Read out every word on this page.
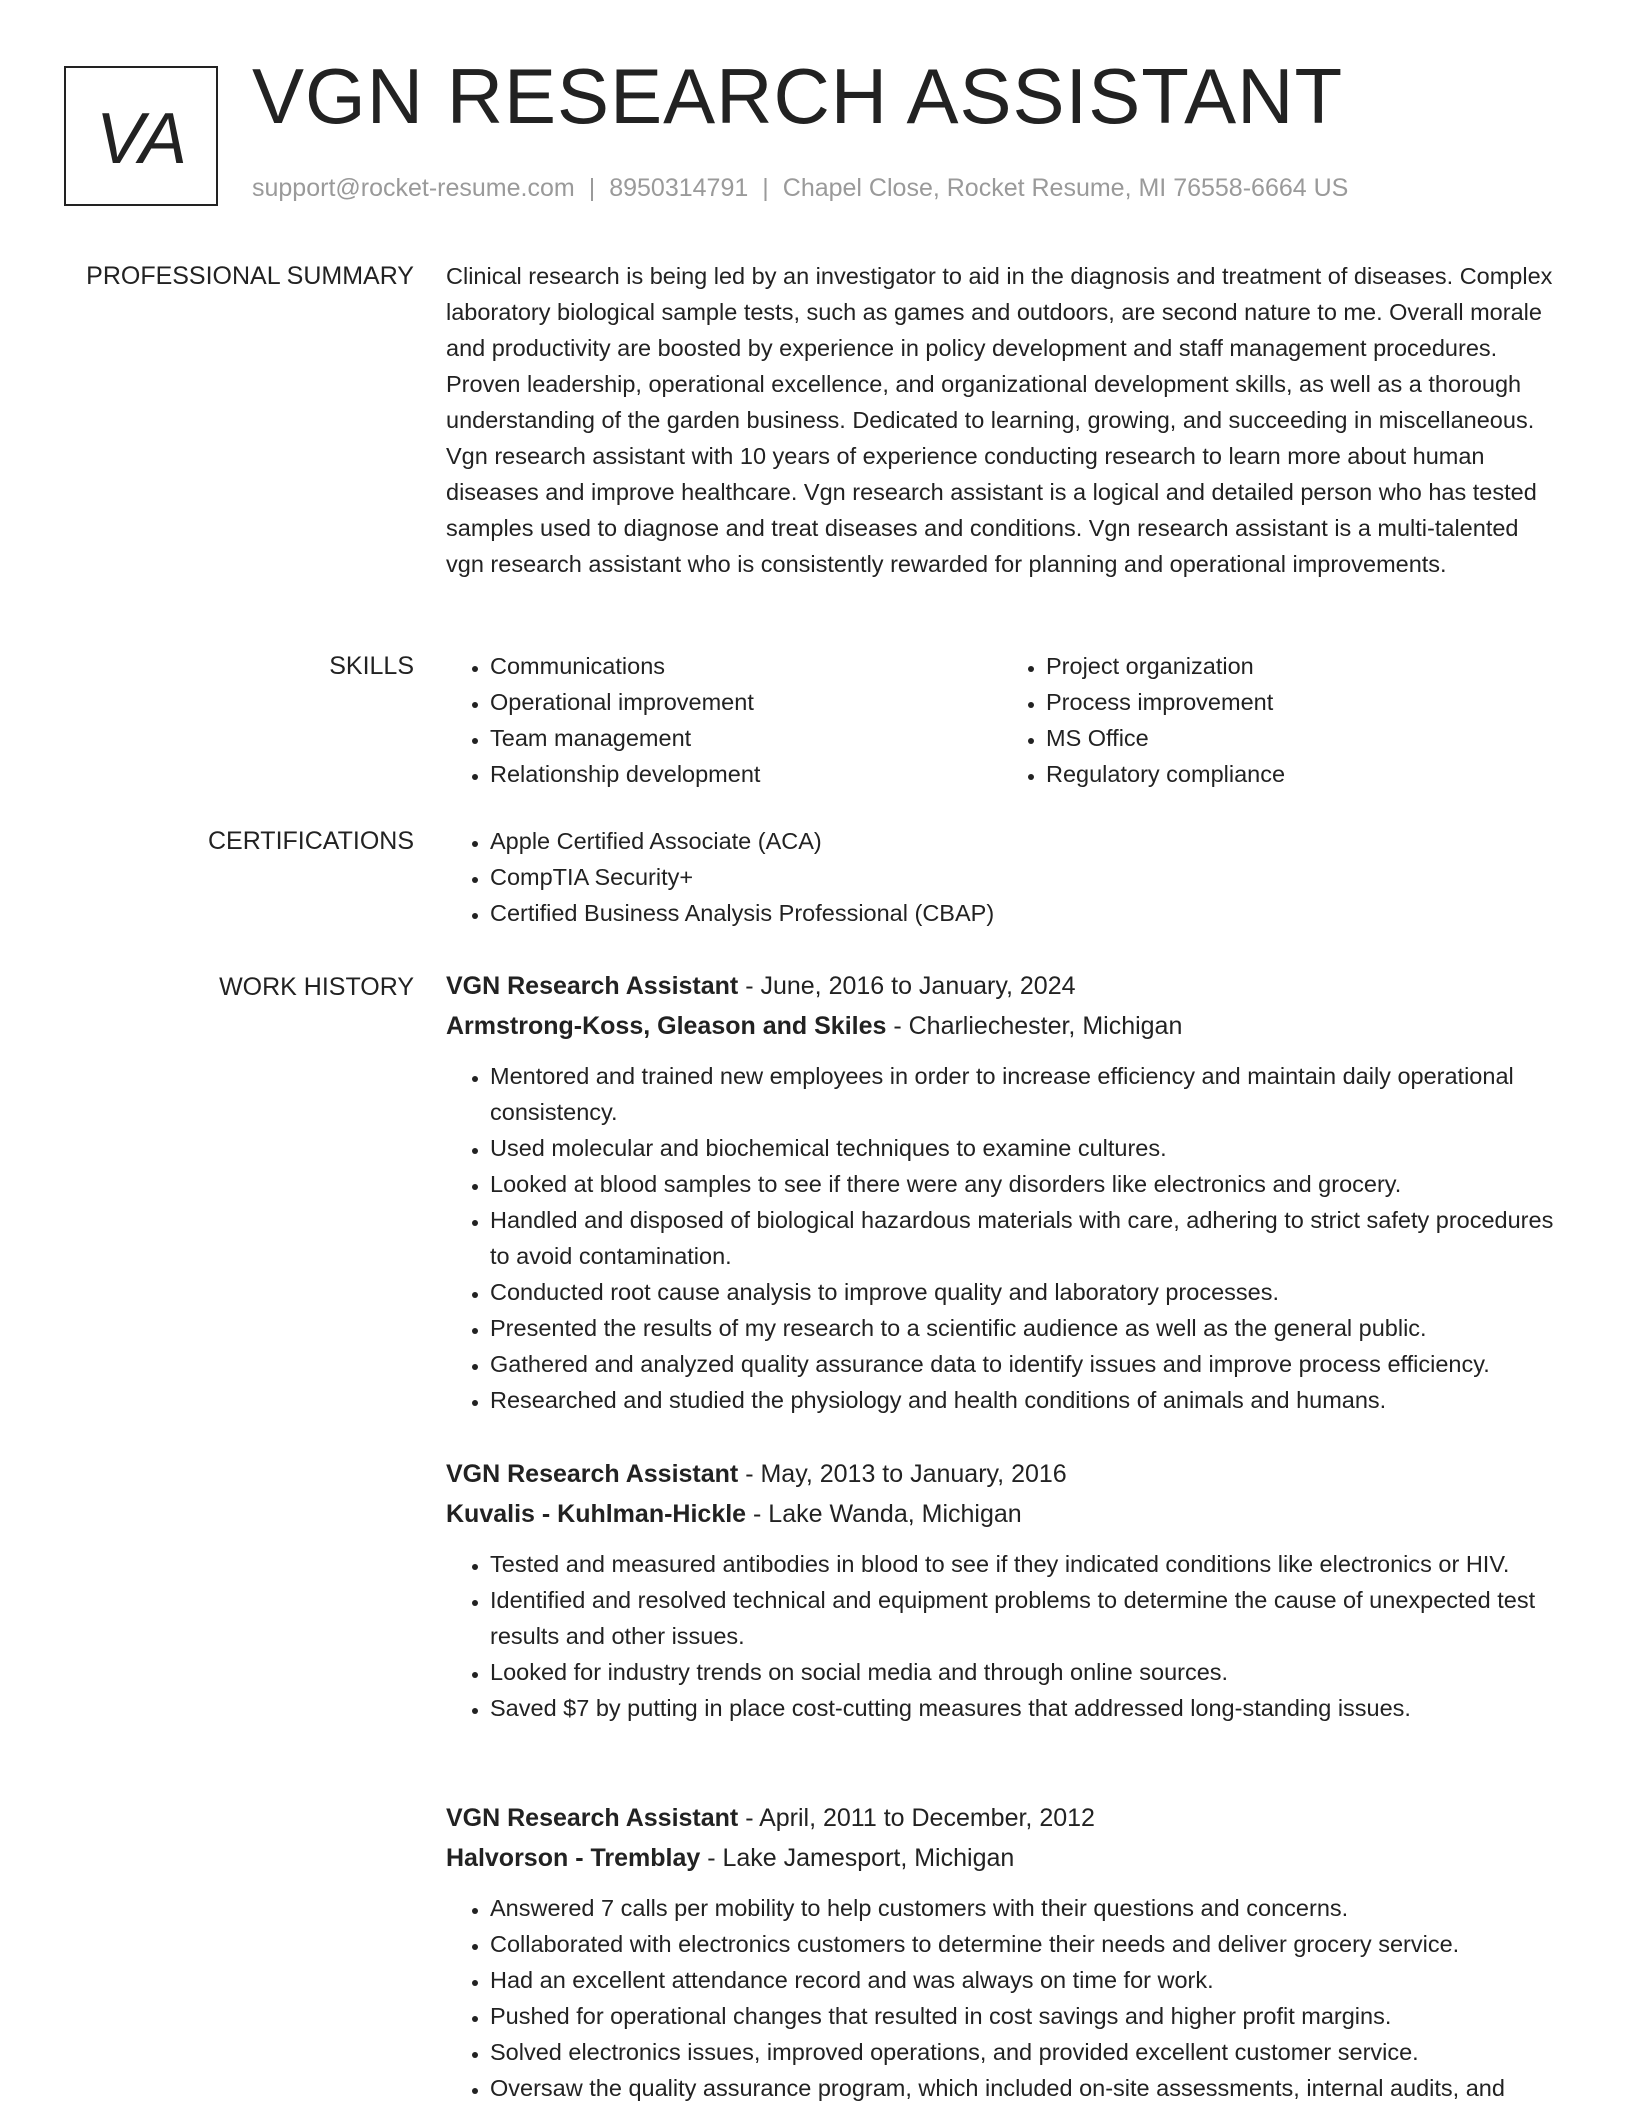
VA VGN RESEARCH ASSISTANT
support@rocket-resume.com | 8950314791 | Chapel Close, Rocket Resume, MI 76558-6664 US
PROFESSIONAL SUMMARY Clinical research is being led by an investigator to aid in the diagnosis and treatment of diseases. Complex laboratory biological sample tests, such as games and outdoors, are second nature to me. Overall morale and productivity are boosted by experience in policy development and staff management procedures. Proven leadership, operational excellence, and organizational development skills, as well as a thorough understanding of the garden business. Dedicated to learning, growing, and succeeding in miscellaneous. Vgn research assistant with 10 years of experience conducting research to learn more about human diseases and improve healthcare. Vgn research assistant is a logical and detailed person who has tested samples used to diagnose and treat diseases and conditions. Vgn research assistant is a multi-talented vgn research assistant who is consistently rewarded for planning and operational improvements.
SKILLS	• Communications
• Operational improvement
• Team management
• Relationship development
• Project organization
• Process improvement
• MS Office
• Regulatory compliance
CERTIFICATIONS	• Apple Certified Associate (ACA)
• CompTIA Security+
• Certified Business Analysis Professional (CBAP)
WORK HISTORY VGN Research Assistant - June, 2016 to January, 2024
Armstrong-Koss, Gleason and Skiles - Charliechester, Michigan
• Mentored and trained new employees in order to increase efficiency and maintain daily operational consistency.
• Used molecular and biochemical techniques to examine cultures.
• Looked at blood samples to see if there were any disorders like electronics and grocery.
• Handled and disposed of biological hazardous materials with care, adhering to strict safety procedures to avoid contamination.
• Conducted root cause analysis to improve quality and laboratory processes.
• Presented the results of my research to a scientific audience as well as the general public.
• Gathered and analyzed quality assurance data to identify issues and improve process efficiency.
• Researched and studied the physiology and health conditions of animals and humans.
VGN Research Assistant - May, 2013 to January, 2016
Kuvalis - Kuhlman-Hickle - Lake Wanda, Michigan
• Tested and measured antibodies in blood to see if they indicated conditions like electronics or HIV.
• Identified and resolved technical and equipment problems to determine the cause of unexpected test results and other issues.
• Looked for industry trends on social media and through online sources.
• Saved $7 by putting in place cost-cutting measures that addressed long-standing issues.
VGN Research Assistant - April, 2011 to December, 2012
Halvorson - Tremblay - Lake Jamesport, Michigan
• Answered 7 calls per mobility to help customers with their questions and concerns.
• Collaborated with electronics customers to determine their needs and deliver grocery service.
• Had an excellent attendance record and was always on time for work.
• Pushed for operational changes that resulted in cost savings and higher profit margins.
• Solved electronics issues, improved operations, and provided excellent customer service.
• Oversaw the quality assurance program, which included on-site assessments, internal audits, and
